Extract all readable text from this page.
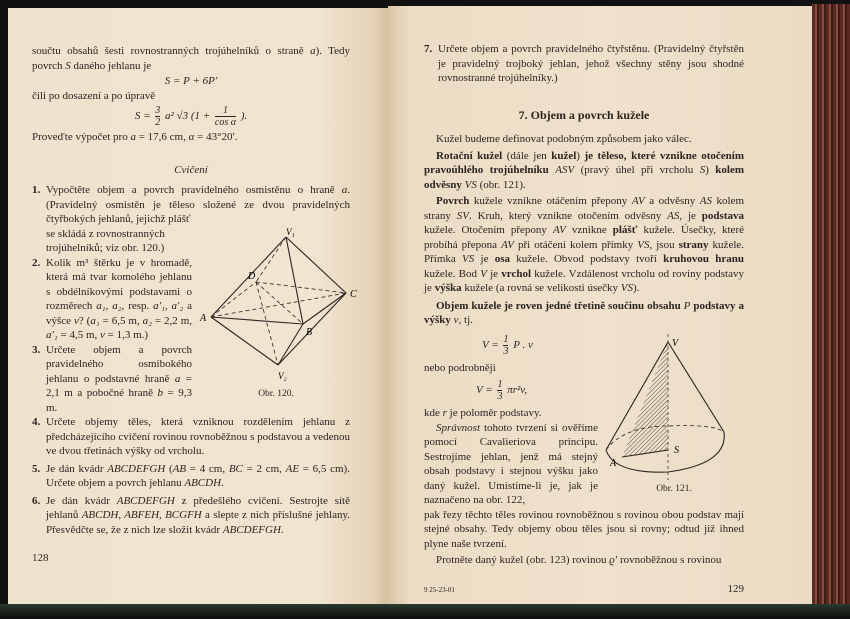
součtu obsahů šesti rovnostranných trojúhelníků o straně a). Tedy povrch S daného jehlanu je
S = P + 6P′
čili po dosazení a po úpravě
$S = \frac{3}{2} a^2$ √3 ($1 + \frac{1}{\text{cos α}}$ ).
Proveďte výpočet pro a = 17,6 cm, α = 43°20′.
Cvičení
1. Vypočtěte objem a povrch pravidelného osmistěnu o hraně a. (Pravidelný osmistěn je těleso složené ze dvou pravidelných čtyřbokých jehlanů, jejichž plášť
V₁
V₂
A
B
C
D
Obr. 120.
se skládá z rovnostranných trojúhelníků; viz obr. 120.)
2. Kolik m³ štěrku je v hromadě, která má tvar komolého jehlanu s obdélníkovými podstavami o rozměrech a₁, a₂, resp. a′₁, a′₂ a výšce v? (a₁ = 6,5 m, a₂ = 2,2 m, a′₁ = 4,5 m, v = 1,3 m.)
3. Určete objem a povrch pravidelného osmibokého jehlanu o podstavné hraně a = 2,1 m a pobočné hraně b = 9,3 m.
4. Určete objemy těles, která vzniknou rozdělením jehlanu z předcházejícího cvičení rovinou rovnoběžnou s podstavou a vedenou ve dvou třetinách výšky od vrcholu.
5. Je dán kvádr ABCDEFGH (AB = 4 cm, BC = 2 cm, AE = 6,5 cm). Určete objem a povrch jehlanu ABCDH.
6. Je dán kvádr ABCDEFGH z předešlého cvičení. Sestrojte sítě jehlanů ABCDH, ABFEH, BCGFH a slepte z nich příslušné jehlany. Přesvědčte se, že z nich lze složit kvádr ABCDEFGH.
128
7. Určete objem a povrch pravidelného čtyřstěnu. (Pravidelný čtyřstěn je pravidelný trojboký jehlan, jehož všechny stěny jsou shodné rovnostranné trojúhelníky.)
7. Objem a povrch kužele
Kužel budeme definovat podobným způsobem jako válec.
Rotační kužel (dále jen kužel) je těleso, které vznikne otočením pravoúhlého trojúhelníku ASV (pravý úhel při vrcholu S) kolem odvěsny VS (obr. 121).
Povrch kužele vznikne otáčením přepony AV a odvěsny AS kolem strany SV. Kruh, který vznikne otočením odvěsny AS, je podstava kužele. Otočením přepony AV vznikne plášť kužele. Úsečky, které probíhá přepona AV při otáčení kolem přímky VS, jsou strany kužele. Přímka VS je osa kužele. Obvod podstavy tvoří kruhovou hranu kužele. Bod V je vrchol kužele. Vzdálenost vrcholu od roviny podstavy je výška kužele (a rovná se velikosti úsečky VS).
Objem kužele je roven jedné třetině součinu obsahu P podstavy a výšky v, tj.
V
S
A
Obr. 121.
$V = \frac{1}{3}$ P . v
nebo podrobněji
$V = \frac{1}{3} \pi r^2v$,
kde r je poloměr podstavy.
Správnost tohoto tvrzení si ověříme pomocí Cavalieriova principu. Sestrojíme jehlan, jenž má stejný obsah podstavy i stejnou výšku jako daný kužel. Umístíme-li je, jak je naznačeno na obr. 122,
pak řezy těchto těles rovinou rovnoběžnou s rovinou obou podstav mají stejné obsahy. Tedy objemy obou těles jsou si rovny; odtud již ihned plyne naše tvrzení.
Protněte daný kužel (obr. 123) rovinou ϱ′ rovnoběžnou s rovinou
9 25-23-01	129
